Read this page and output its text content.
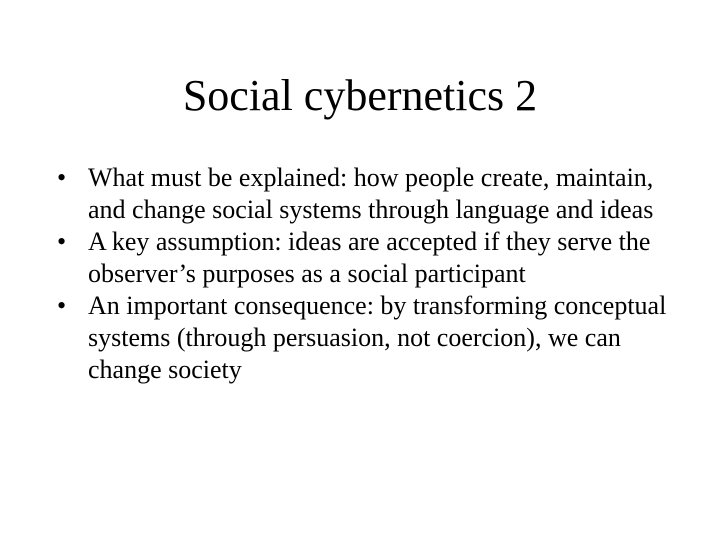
Social cybernetics 2
• What must be explained: how people create, maintain, and change social systems through language and ideas
• A key assumption: ideas are accepted if they serve the observer’s purposes as a social participant
• An important consequence: by transforming conceptual systems (through persuasion, not coercion), we can change society
